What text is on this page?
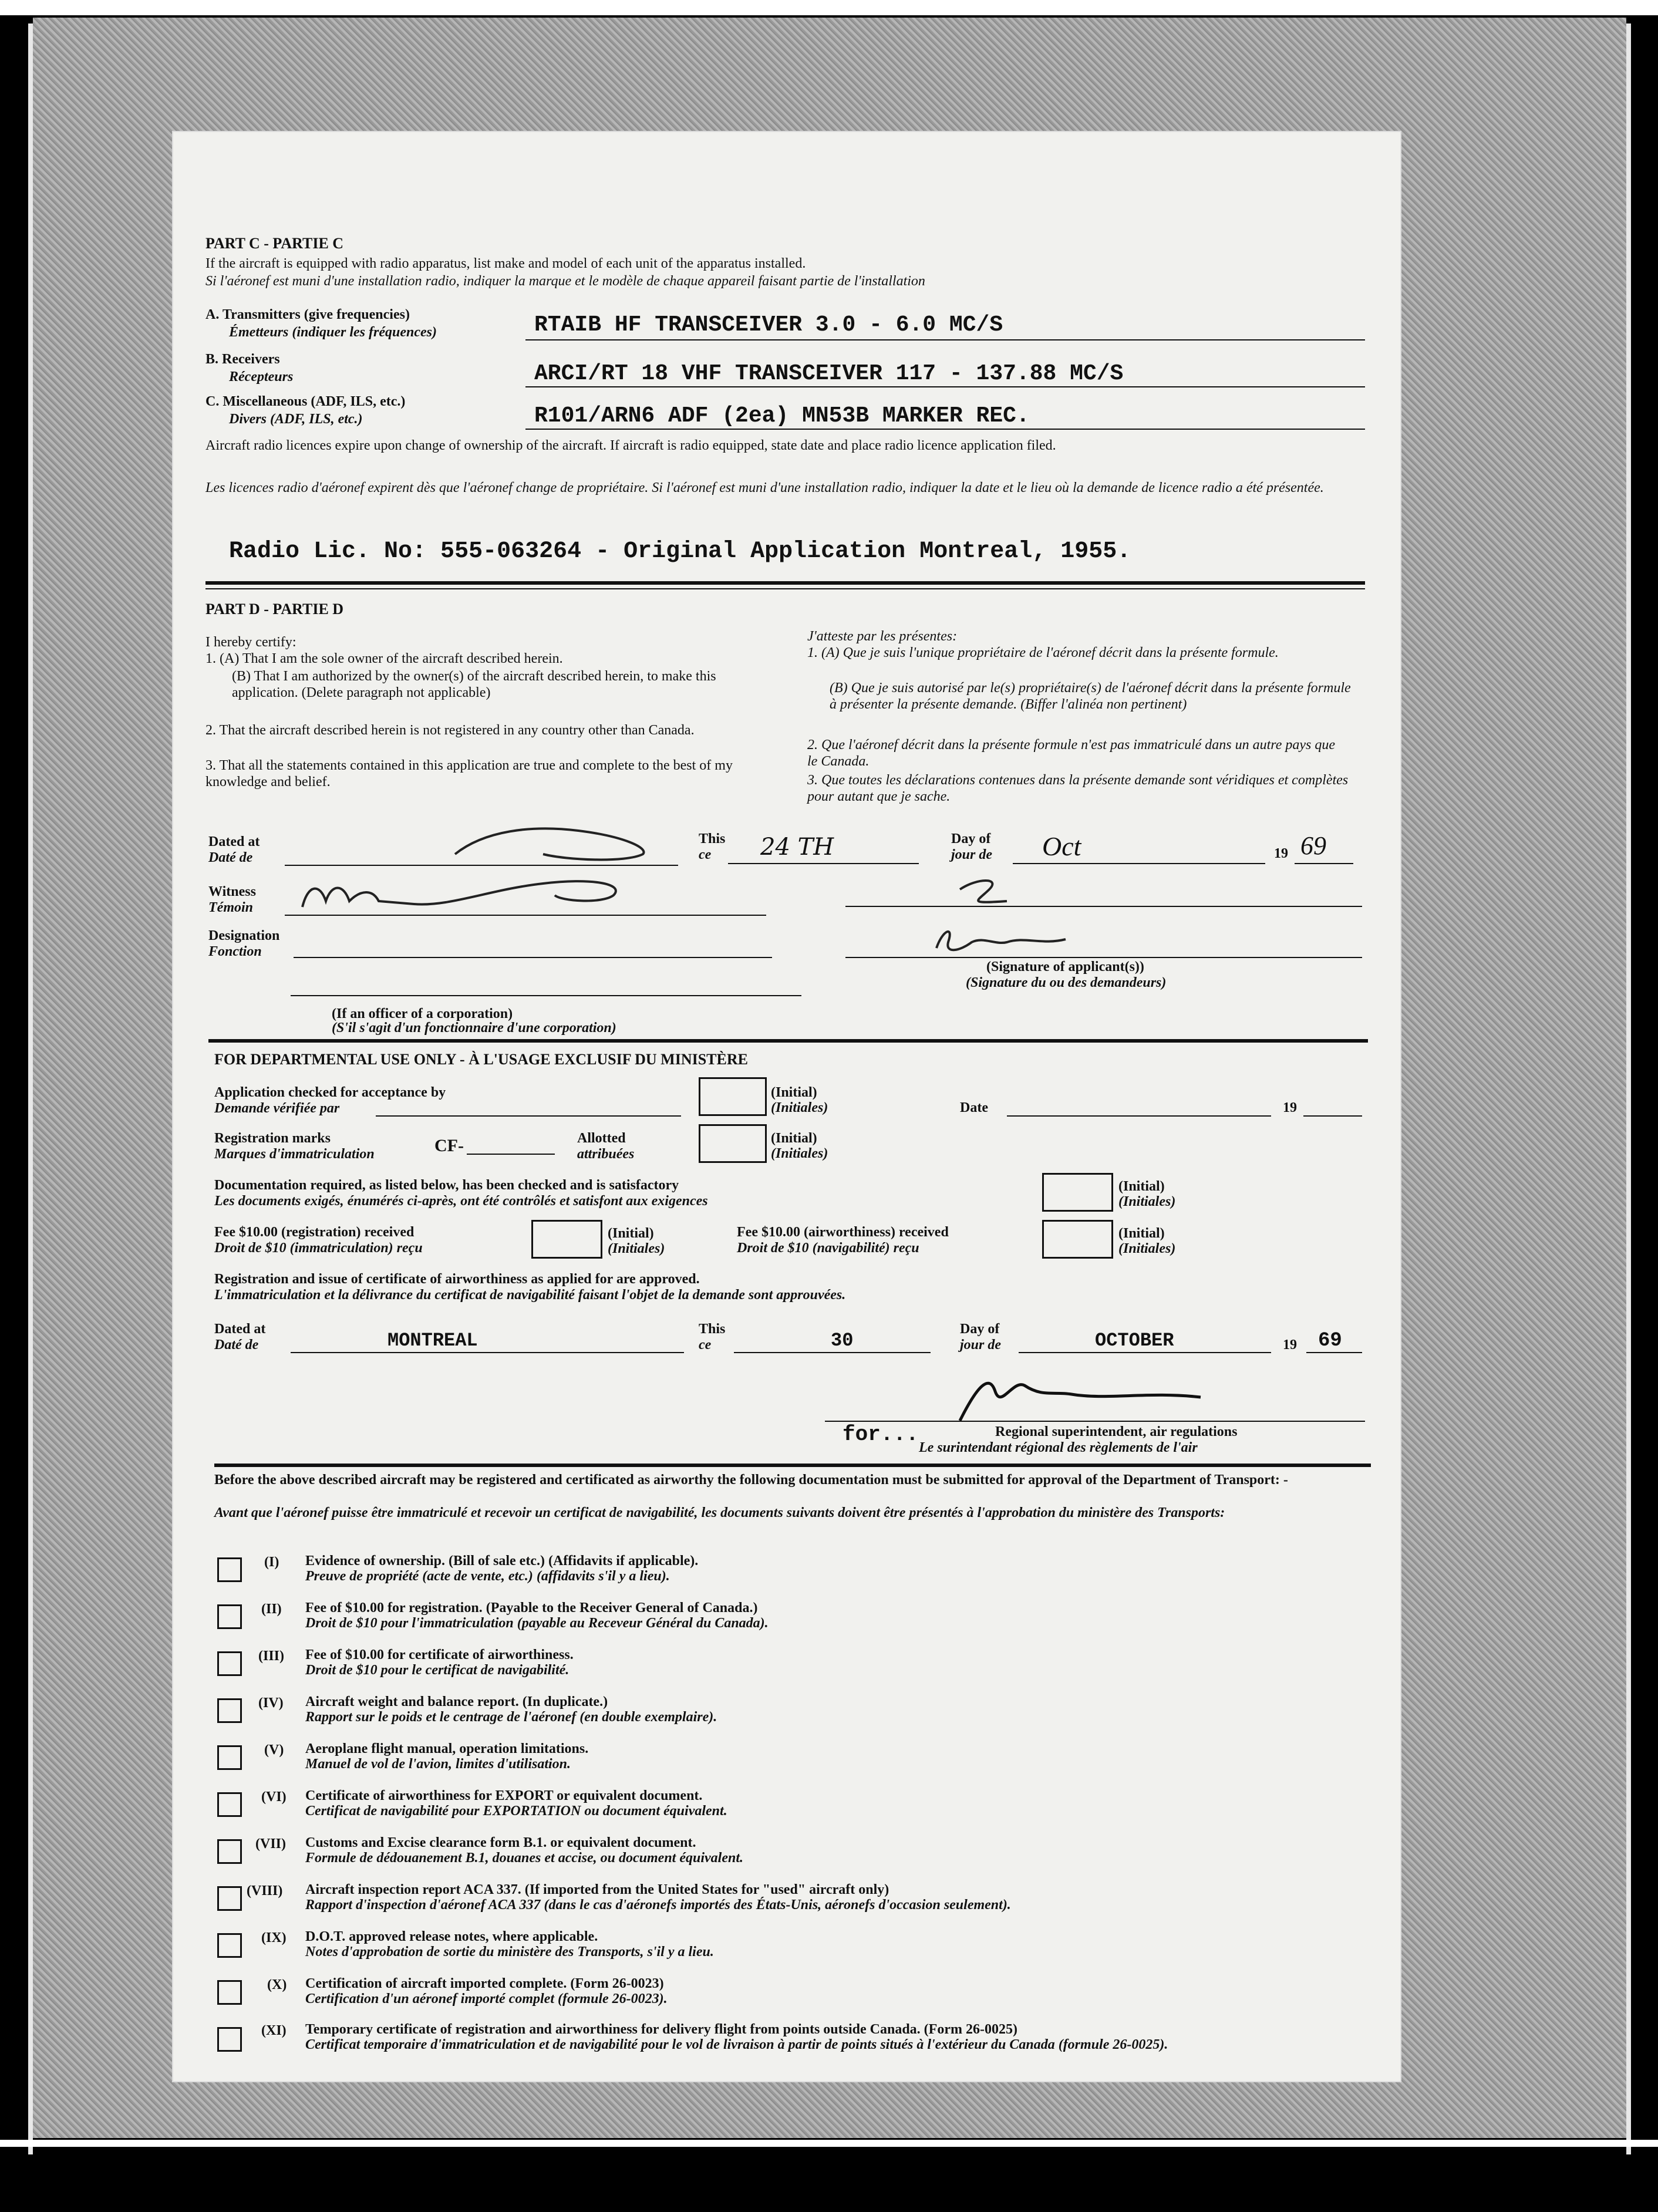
PART C - PARTIE C
If the aircraft is equipped with radio apparatus, list make and model of each unit of the apparatus installed.
Si l'aéronef est muni d'une installation radio, indiquer la marque et le modèle de chaque appareil faisant partie de l'installation
A. Transmitters (give frequencies)
Émetteurs (indiquer les fréquences)	RTAIB HF TRANSCEIVER 3.0 - 6.0 MC/S
B. Receivers
Récepteurs	ARCI/RT 18 VHF TRANSCEIVER 117 - 137.88 MC/S
C. Miscellaneous (ADF, ILS, etc.)
Divers (ADF, ILS, etc.)	R101/ARN6 ADF (2ea) MN53B MARKER REC.
Aircraft radio licences expire upon change of ownership of the aircraft. If aircraft is radio equipped, state date and place radio licence application filed.
Les licences radio d'aéronef expirent dès que l'aéronef change de propriétaire. Si l'aéronef est muni d'une installation radio, indiquer la date et le lieu où la demande de licence radio a été présentée.
Radio Lic. No: 555-063264 - Original Application Montreal, 1955.
PART D - PARTIE D
I hereby certify:
1. (A) That I am the sole owner of the aircraft described herein.
(B) That I am authorized by the owner(s) of the aircraft described herein, to make this application. (Delete paragraph not applicable)
2. That the aircraft described herein is not registered in any country other than Canada.
3. That all the statements contained in this application are true and complete to the best of my knowledge and belief.
J'atteste par les présentes:
1. (A) Que je suis l'unique propriétaire de l'aéronef décrit dans la présente formule.
(B) Que je suis autorisé par le(s) propriétaire(s) de l'aéronef décrit dans la présente formule à présenter la présente demande. (Biffer l'alinéa non pertinent)
2. Que l'aéronef décrit dans la présente formule n'est pas immatriculé dans un autre pays que le Canada.
3. Que toutes les déclarations contenues dans la présente demande sont véridiques et complètes pour autant que je sache.
Dated at
Daté de
This
ce 24 TH	Day of
jour de Oct	19 69
Witness
Témoin
Designation
Fonction
(Signature of applicant(s))
(Signature du ou des demandeurs)
(If an officer of a corporation)
(S'il s'agit d'un fonctionnaire d'une corporation)
FOR DEPARTMENTAL USE ONLY - À L'USAGE EXCLUSIF DU MINISTÈRE
Application checked for acceptance by
Demande vérifiée par
(Initial)
(Initiales)	Date	19
Registration marks
Marques d'immatriculation	CF-	Allotted
attribuées
(Initial)
(Initiales)
Documentation required, as listed below, has been checked and is satisfactory
Les documents exigés, énumérés ci-après, ont été contrôlés et satisfont aux exigences
(Initial)
(Initiales)
Fee $10.00 (registration) received
Droit de $10 (immatriculation) reçu
(Initial)
(Initiales)
Fee $10.00 (airworthiness) received
Droit de $10 (navigabilité) reçu
(Initial)
(Initiales)
Registration and issue of certificate of airworthiness as applied for are approved.
L'immatriculation et la délivrance du certificat de navigabilité faisant l'objet de la demande sont approuvées.
Dated at
Daté de	MONTREAL
This
ce	30
Day of
jour de	OCTOBER	19 69
for...	Regional superintendent, air regulations
Le surintendant régional des règlements de l'air
Before the above described aircraft may be registered and certificated as airworthy the following documentation must be submitted for approval of the Department of Transport: -
Avant que l'aéronef puisse être immatriculé et recevoir un certificat de navigabilité, les documents suivants doivent être présentés à l'approbation du ministère des Transports:
(I) Evidence of ownership. (Bill of sale etc.) (Affidavits if applicable).
Preuve de propriété (acte de vente, etc.) (affidavits s'il y a lieu).
(II) Fee of $10.00 for registration. (Payable to the Receiver General of Canada.)
Droit de $10 pour l'immatriculation (payable au Receveur Général du Canada).
(III) Fee of $10.00 for certificate of airworthiness.
Droit de $10 pour le certificat de navigabilité.
(IV) Aircraft weight and balance report. (In duplicate.)
Rapport sur le poids et le centrage de l'aéronef (en double exemplaire).
(V) Aeroplane flight manual, operation limitations.
Manuel de vol de l'avion, limites d'utilisation.
(VI) Certificate of airworthiness for EXPORT or equivalent document.
Certificat de navigabilité pour EXPORTATION ou document équivalent.
(VII) Customs and Excise clearance form B.1. or equivalent document.
Formule de dédouanement B.1, douanes et accise, ou document équivalent.
(VIII) Aircraft inspection report ACA 337. (If imported from the United States for "used" aircraft only)
Rapport d'inspection d'aéronef ACA 337 (dans le cas d'aéronefs importés des États-Unis, aéronefs d'occasion seulement).
(IX) D.O.T. approved release notes, where applicable.
Notes d'approbation de sortie du ministère des Transports, s'il y a lieu.
(X) Certification of aircraft imported complete. (Form 26-0023)
Certification d'un aéronef importé complet (formule 26-0023).
(XI) Temporary certificate of registration and airworthiness for delivery flight from points outside Canada. (Form 26-0025)
Certificat temporaire d'immatriculation et de navigabilité pour le vol de livraison à partir de points situés à l'extérieur du Canada (formule 26-0025).
